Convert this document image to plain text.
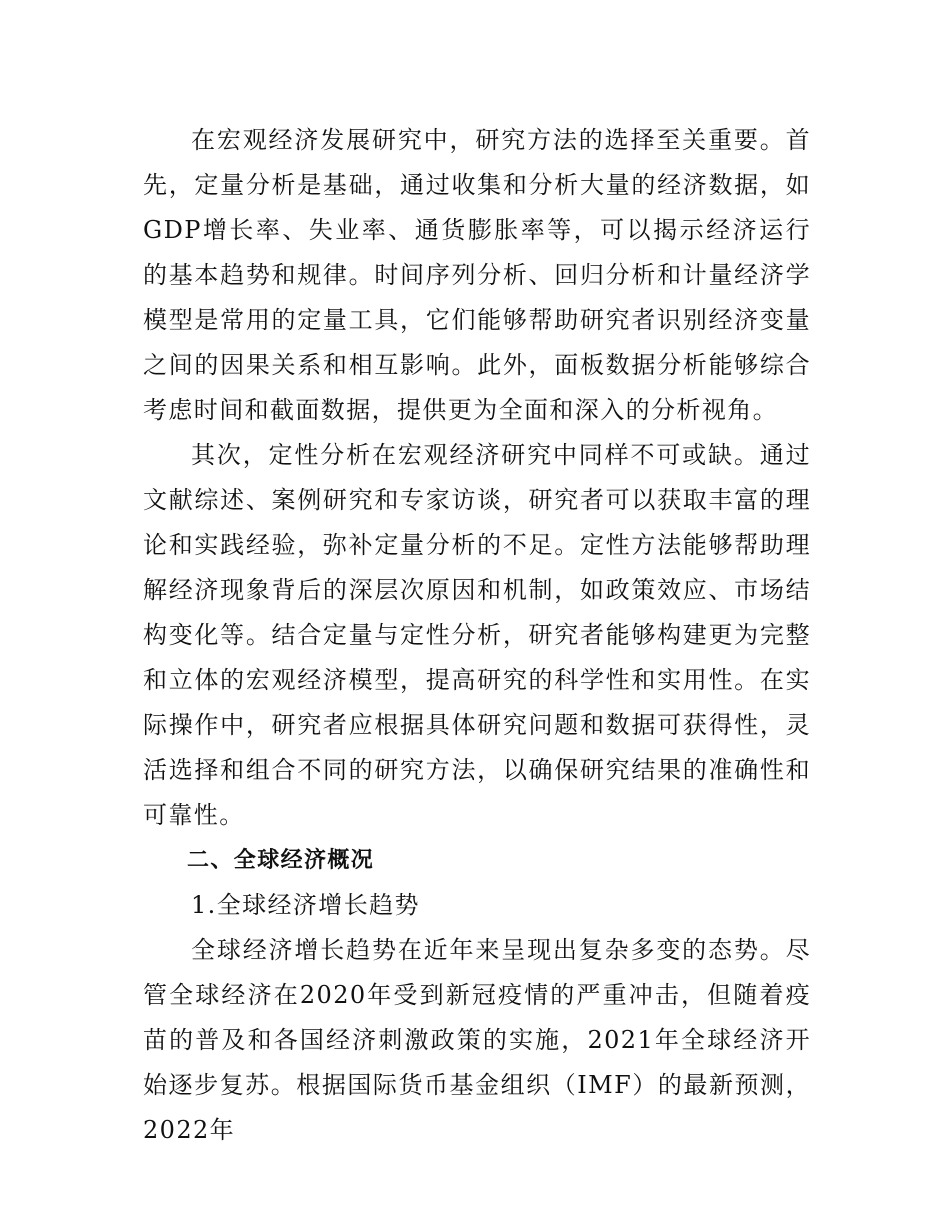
在宏观经济发展研究中，研究方法的选择至关重要。首先，定量分析是基础，通过收集和分析大量的经济数据，如GDP增长率、失业率、通货膨胀率等，可以揭示经济运行的基本趋势和规律。时间序列分析、回归分析和计量经济学模型是常用的定量工具，它们能够帮助研究者识别经济变量之间的因果关系和相互影响。此外，面板数据分析能够综合考虑时间和截面数据，提供更为全面和深入的分析视角。

其次，定性分析在宏观经济研究中同样不可或缺。通过文献综述、案例研究和专家访谈，研究者可以获取丰富的理论和实践经验，弥补定量分析的不足。定性方法能够帮助理解经济现象背后的深层次原因和机制，如政策效应、市场结构变化等。结合定量与定性分析，研究者能够构建更为完整和立体的宏观经济模型，提高研究的科学性和实用性。在实际操作中，研究者应根据具体研究问题和数据可获得性，灵活选择和组合不同的研究方法，以确保研究结果的准确性和可靠性。

二、全球经济概况

1.全球经济增长趋势

全球经济增长趋势在近年来呈现出复杂多变的态势。尽管全球经济在2020年受到新冠疫情的严重冲击，但随着疫苗的普及和各国经济刺激政策的实施，2021年全球经济开始逐步复苏。根据国际货币基金组织（IMF）的最新预测，2022年
